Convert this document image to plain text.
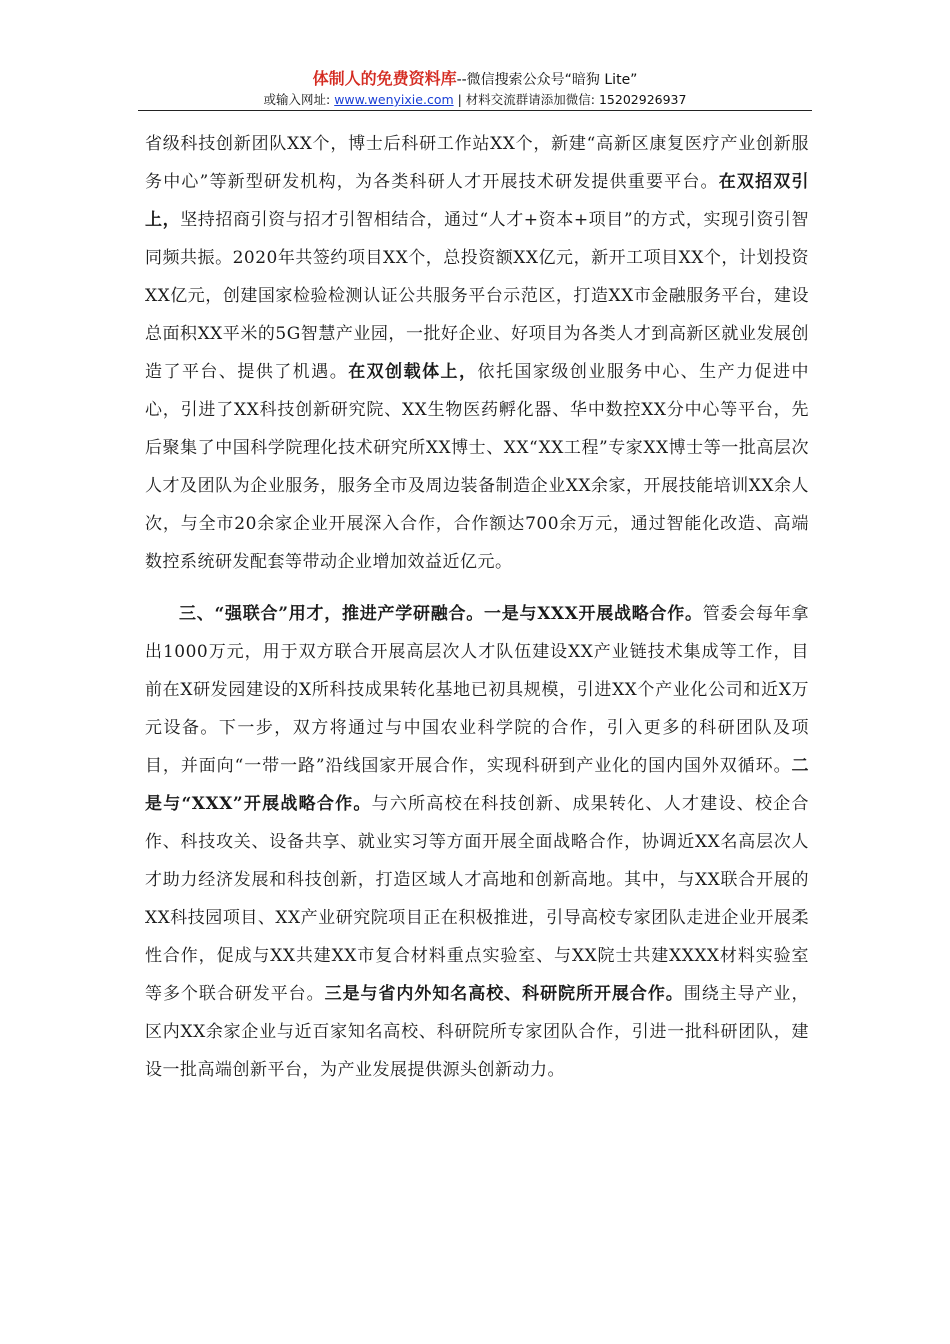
体制人的免费资料库--微信搜索公众号“暗狗 Lite”
或输入网址: www.wenyixie.com | 材料交流群请添加微信: 15202926937

省级科技创新团队XX个，博士后科研工作站XX个，新建“高新区康复医疗产业创新服务中心”等新型研发机构，为各类科研人才开展技术研发提供重要平台。在双招双引上，坚持招商引资与招才引智相结合，通过“人才+资本+项目”的方式，实现引资引智同频共振。2020年共签约项目XX个，总投资额XX亿元，新开工项目XX个，计划投资XX亿元，创建国家检验检测认证公共服务平台示范区，打造XX市金融服务平台，建设总面积XX平米的5G智慧产业园，一批好企业、好项目为各类人才到高新区就业发展创造了平台、提供了机遇。在双创载体上，依托国家级创业服务中心、生产力促进中心，引进了XX科技创新研究院、XX生物医药孵化器、华中数控XX分中心等平台，先后聚集了中国科学院理化技术研究所XX博士、XX“XX工程”专家XX博士等一批高层次人才及团队为企业服务，服务全市及周边装备制造企业XX余家，开展技能培训XX余人次，与全市20余家企业开展深入合作，合作额达700余万元，通过智能化改造、高端数控系统研发配套等带动企业增加效益近亿元。

三、“强联合”用才，推进产学研融合。一是与XXX开展战略合作。管委会每年拿出1000万元，用于双方联合开展高层次人才队伍建设XX产业链技术集成等工作，目前在X研发园建设的X所科技成果转化基地已初具规模，引进XX个产业化公司和近X万元设备。下一步，双方将通过与中国农业科学院的合作，引入更多的科研团队及项目，并面向“一带一路”沿线国家开展合作，实现科研到产业化的国内国外双循环。二是与“XXX”开展战略合作。与六所高校在科技创新、成果转化、人才建设、校企合作、科技攻关、设备共享、就业实习等方面开展全面战略合作，协调近XX名高层次人才助力经济发展和科技创新，打造区域人才高地和创新高地。其中，与XX联合开展的XX科技园项目、XX产业研究院项目正在积极推进，引导高校专家团队走进企业开展柔性合作，促成与XX共建XX市复合材料重点实验室、与XX院士共建XXXX材料实验室等多个联合研发平台。三是与省内外知名高校、科研院所开展合作。围绕主导产业，区内XX余家企业与近百家知名高校、科研院所专家团队合作，引进一批科研团队，建设一批高端创新平台，为产业发展提供源头创新动力。
